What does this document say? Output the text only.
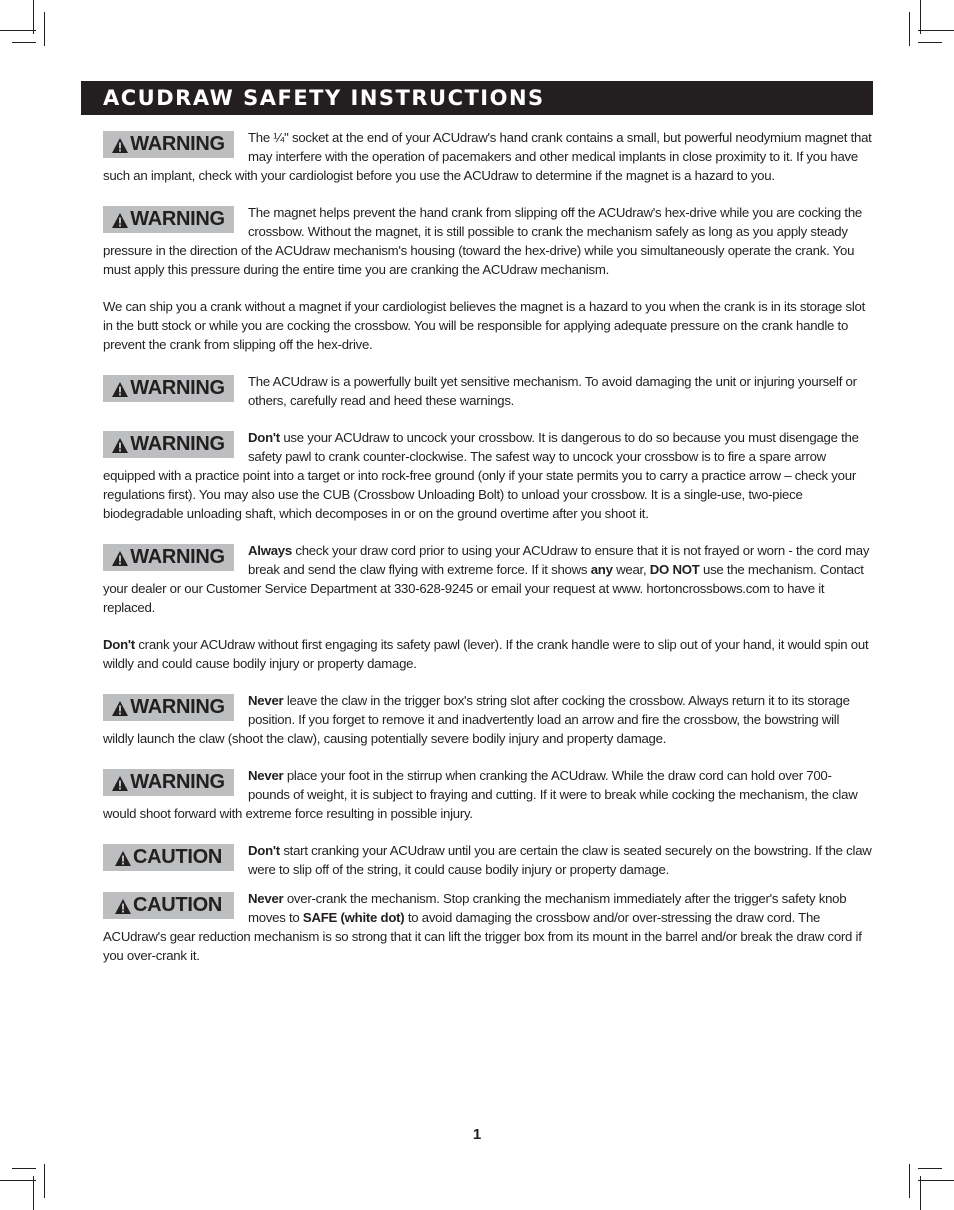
ACUDRAW SAFETY INSTRUCTIONS
WARNING	The ¼" socket at the end of your ACUdraw's hand crank contains a small, but powerful neodymium magnet that may interfere with the operation of pacemakers and other medical implants in close proximity to it. If you have such an implant, check with your cardiologist before you use the ACUdraw to determine if the magnet is a hazard to you.

WARNING	The magnet helps prevent the hand crank from slipping off the ACUdraw's hex-drive while you are cocking the crossbow. Without the magnet, it is still possible to crank the mechanism safely as long as you apply steady pressure in the direction of the ACUdraw mechanism's housing (toward the hex-drive) while you simultaneously operate the crank. You must apply this pressure during the entire time you are cranking the ACUdraw mechanism.

We can ship you a crank without a magnet if your cardiologist believes the magnet is a hazard to you when the crank is in its storage slot in the butt stock or while you are cocking the crossbow. You will be responsible for applying adequate pressure on the crank handle to prevent the crank from slipping off the hex-drive.

WARNING	The ACUdraw is a powerfully built yet sensitive mechanism. To avoid damaging the unit or injuring yourself or others, carefully read and heed these warnings.

WARNING	Don't use your ACUdraw to uncock your crossbow. It is dangerous to do so because you must disengage the safety pawl to crank counter-clockwise. The safest way to uncock your crossbow is to fire a spare arrow equipped with a practice point into a target or into rock-free ground (only if your state permits you to carry a practice arrow – check your regulations first). You may also use the CUB (Crossbow Unloading Bolt) to unload your crossbow. It is a single-use, two-piece biodegradable unloading shaft, which decomposes in or on the ground overtime after you shoot it.

WARNING	Always check your draw cord prior to using your ACUdraw to ensure that it is not frayed or worn - the cord may break and send the claw flying with extreme force. If it shows any wear, DO NOT use the mechanism. Contact your dealer or our Customer Service Department at 330-628-9245 or email your request at www. hortoncrossbows.com to have it replaced.

Don't crank your ACUdraw without first engaging its safety pawl (lever). If the crank handle were to slip out of your hand, it would spin out wildly and could cause bodily injury or property damage.

WARNING	Never leave the claw in the trigger box's string slot after cocking the crossbow. Always return it to its storage position. If you forget to remove it and inadvertently load an arrow and fire the crossbow, the bowstring will wildly launch the claw (shoot the claw), causing potentially severe bodily injury and property damage.

WARNING	Never place your foot in the stirrup when cranking the ACUdraw. While the draw cord can hold over 700-pounds of weight, it is subject to fraying and cutting. If it were to break while cocking the mechanism, the claw would shoot forward with extreme force resulting in possible injury.

CAUTION	Don't start cranking your ACUdraw until you are certain the claw is seated securely on the bowstring. If the claw were to slip off of the string, it could cause bodily injury or property damage.

CAUTION	Never over-crank the mechanism. Stop cranking the mechanism immediately after the trigger's safety knob moves to SAFE (white dot) to avoid damaging the crossbow and/or over-stressing the draw cord. The ACUdraw's gear reduction mechanism is so strong that it can lift the trigger box from its mount in the barrel and/or break the draw cord if you over-crank it.

1
